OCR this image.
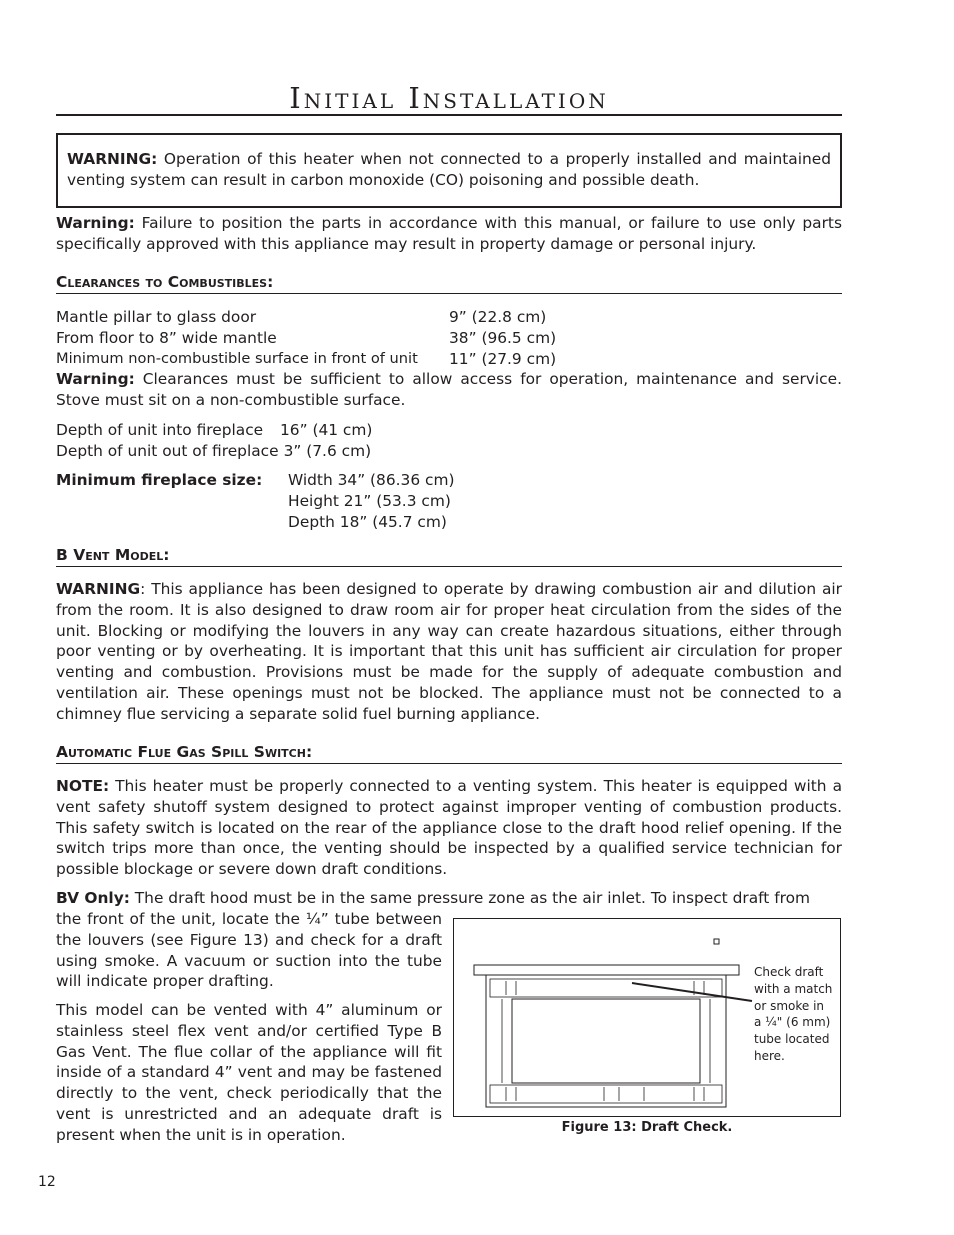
Initial Installation
WARNING: Operation of this heater when not connected to a properly installed and maintained venting system can result in carbon monoxide (CO) poisoning and possible death.

Warning: Failure to position the parts in accordance with this manual, or failure to use only parts specifically approved with this appliance may result in property damage or personal injury.

Clearances to Combustibles:
Mantle pillar to glass door	9” (22.8 cm)
From floor to 8” wide mantle	38” (96.5 cm)
Minimum non-combustible surface in front of unit	11” (27.9 cm)

Warning: Clearances must be sufficient to allow access for operation, maintenance and service. Stove must sit on a non-combustible surface.

Depth of unit into fireplace	16” (41 cm)
Depth of unit out of fireplace 3” (7.6 cm)
Minimum fireplace size:	Width 34” (86.36 cm)
Height 21” (53.3 cm)
Depth 18” (45.7 cm)
B Vent Model:

WARNING: This appliance has been designed to operate by drawing combustion air and dilution air from the room. It is also designed to draw room air for proper heat circulation from the sides of the unit. Blocking or modifying the louvers in any way can create hazardous situations, either through poor venting or by overheating. It is important that this unit has sufficient air circulation for proper venting and combustion. Provisions must be made for the supply of adequate combustion and ventilation air. These openings must not be blocked. The appliance must not be connected to a chimney flue servicing a separate solid fuel burning appliance.

Automatic Flue Gas Spill Switch:

NOTE: This heater must be properly connected to a venting system. This heater is equipped with a vent safety shutoff system designed to protect against improper venting of combustion products. This safety switch is located on the rear of the appliance close to the draft hood relief opening. If the switch trips more than once, the venting should be inspected by a qualified service technician for possible blockage or severe down draft conditions.

BV Only: The draft hood must be in the same pressure zone as the air inlet. To inspect draft from

the front of the unit, locate the ¼” tube between the louvers (see Figure 13) and check for a draft using smoke. A vacuum or suction into the tube will indicate proper drafting.

This model can be vented with 4” aluminum or stainless steel flex vent and/or certified Type B Gas Vent. The flue collar of the appliance will fit inside of a standard 4” vent and may be fastened directly to the vent, check periodically that the vent is unrestricted and an adequate draft is present when the unit is in operation.

Check draft
with a match
or smoke in
a ¼" (6 mm)
tube located
here.
Figure 13: Draft Check.
12
